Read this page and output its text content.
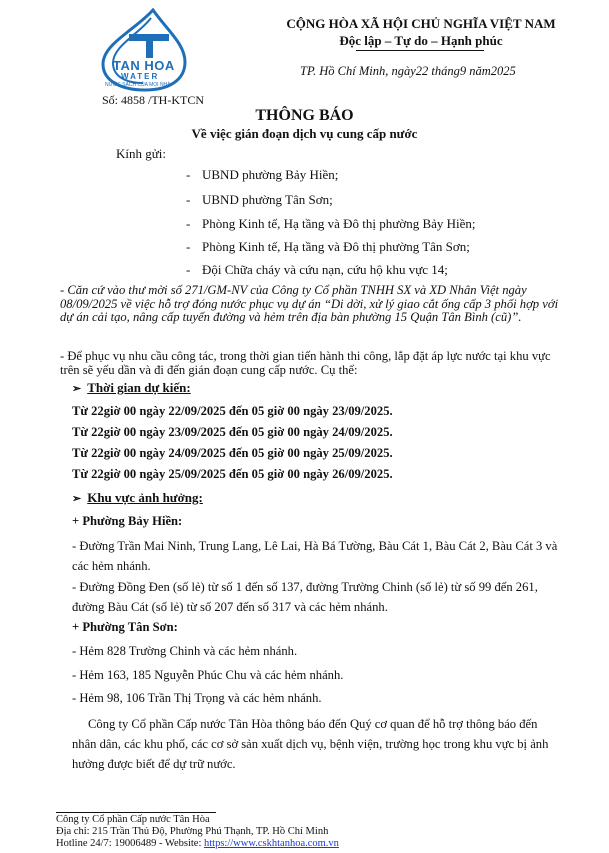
TAN HOA
WATER
NƯỚC SẠCH CỦA MỌI NHÀ
Số: 4858 /TH-KTCN
CỘNG HÒA XÃ HỘI CHỦ NGHĨA VIỆT NAM
Độc lập – Tự do – Hạnh phúc
TP. Hồ Chí Minh, ngày22 tháng9 năm2025
THÔNG BÁO
Về việc gián đoạn dịch vụ cung cấp nước
Kính gửi:
- UBND phường Bảy Hiền;
- UBND phường Tân Sơn;
- Phòng Kinh tế, Hạ tầng và Đô thị phường Bảy Hiền;
- Phòng Kinh tế, Hạ tầng và Đô thị phường Tân Sơn;
- Đội Chữa cháy và cứu nạn, cứu hộ khu vực 14;
- Căn cứ vào thư mời số 271/GM-NV của Công ty Cổ phần TNHH SX và XD Nhân Việt ngày 08/09/2025 về việc hỗ trợ đóng nước phục vụ dự án “Di dời, xử lý giao cắt ống cấp 3 phối hợp với dự án cải tạo, nâng cấp tuyến đường và hẻm trên địa bàn phường 15 Quận Tân Bình (cũ)”.
- Để phục vụ nhu cầu công tác, trong thời gian tiến hành thi công, lắp đặt áp lực nước tại khu vực trên sẽ yếu dần và đi đến gián đoạn cung cấp nước. Cụ thể:
➢ Thời gian dự kiến:
Từ 22giờ 00 ngày 22/09/2025 đến 05 giờ 00 ngày 23/09/2025.
Từ 22giờ 00 ngày 23/09/2025 đến 05 giờ 00 ngày 24/09/2025.
Từ 22giờ 00 ngày 24/09/2025 đến 05 giờ 00 ngày 25/09/2025.
Từ 22giờ 00 ngày 25/09/2025 đến 05 giờ 00 ngày 26/09/2025.
➢ Khu vực ảnh hưởng:
+ Phường Bảy Hiền:
- Đường Trần Mai Ninh, Trung Lang, Lê Lai, Hà Bá Tường, Bàu Cát 1, Bàu Cát 2, Bàu Cát 3 và các hẻm nhánh.
- Đường Đồng Đen (số lẻ) từ số 1 đến số 137, đường Trường Chinh (số lẻ) từ số 99 đến 261, đường Bàu Cát (số lẻ) từ số 207 đến số 317 và các hẻm nhánh.
+ Phường Tân Sơn:
- Hẻm 828 Trường Chinh và các hẻm nhánh.
- Hẻm 163, 185 Nguyễn Phúc Chu và các hẻm nhánh.
- Hẻm 98, 106 Trần Thị Trọng và các hẻm nhánh.
Công ty Cổ phần Cấp nước Tân Hòa thông báo đến Quý cơ quan để hỗ trợ thông báo đến nhân dân, các khu phố, các cơ sở sản xuất dịch vụ, bệnh viện, trường học trong khu vực bị ảnh hưởng được biết để dự trữ nước.
Công ty Cổ phần Cấp nước Tân Hòa
Địa chỉ: 215 Trần Thủ Độ, Phường Phú Thạnh, TP. Hồ Chí Minh
Hotline 24/7: 19006489 - Website: https://www.cskhtanhoa.com.vn
